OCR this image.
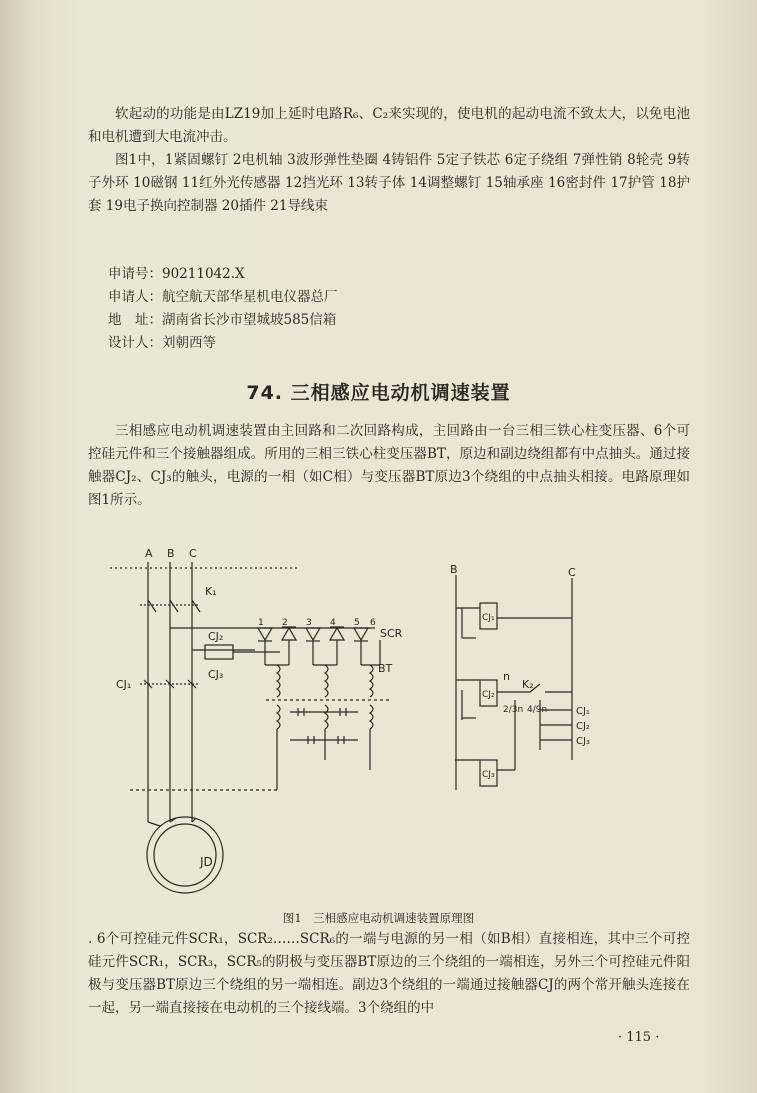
软起动的功能是由LZ19加上延时电路R₆、C₂来实现的，使电机的起动电流不致太大，以免电池和电机遭到大电流冲击。
图1中，1紧固螺钉 2电机轴 3波形弹性垫圈 4铸铝件 5定子铁芯 6定子绕组 7弹性销 8轮壳 9转子外环 10磁钢 11红外光传感器 12挡光环 13转子体 14调整螺钉 15轴承座 16密封件 17护管 18护套 19电子换向控制器 20插件 21导线束
申请号：90211042.X
申请人：航空航天部华星机电仪器总厂
地　址：湖南省长沙市望城坡585信箱
设计人：刘朝西等
74. 三相感应电动机调速装置
三相感应电动机调速装置由主回路和二次回路构成，主回路由一台三相三铁心柱变压器、6个可控硅元件和三个接触器组成。所用的三相三铁心柱变压器BT，原边和副边绕组都有中点抽头。通过接触器CJ₂、CJ₃的触头，电源的一相（如C相）与变压器BT原边3个绕组的中点抽头相接。电路原理如图1所示。
A B C
K₁
CJ₂
CJ₃
CJ₁
1 2 3 4 5 6
SCR
BT
JD
B	C
K₂
n
2/3n 4/9n
CJ₁
CJ₂
CJ₃
CJ₁
CJ₂
CJ₃
图1　三相感应电动机调速装置原理图
. 6个可控硅元件SCR₁，SCR₂……SCR₆的一端与电源的另一相（如B相）直接相连，其中三个可控硅元件SCR₁，SCR₃，SCR₅的阴极与变压器BT原边的三个绕组的一端相连，另外三个可控硅元件阳极与变压器BT原边三个绕组的另一端相连。副边3个绕组的一端通过接触器CJ的两个常开触头连接在一起，另一端直接接在电动机的三个接线端。3个绕组的中
· 115 ·
